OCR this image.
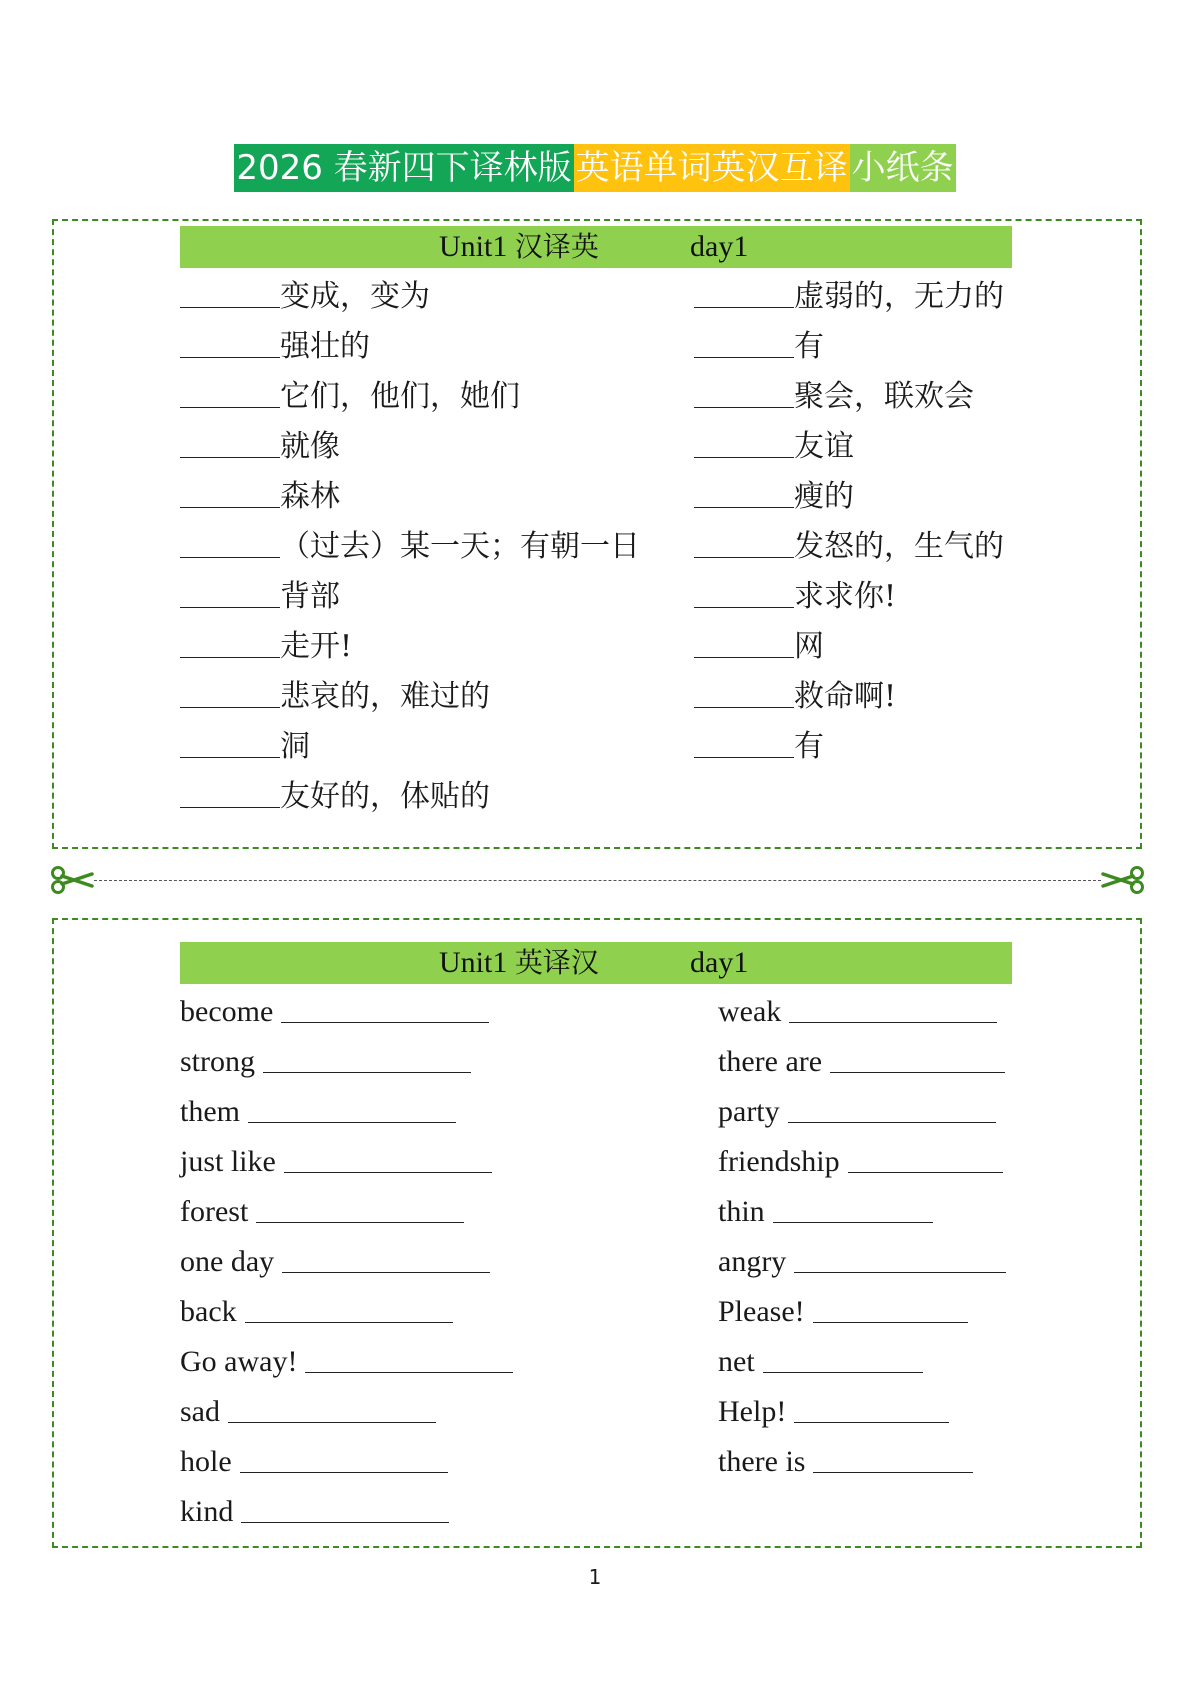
2026 春新四下译林版 英语单词英汉互译 小纸条
Unit1 汉译英	day1
变成，变为
强壮的
它们，他们，她们
就像
森林
（过去）某一天；有朝一日
背部
走开!
悲哀的，难过的
洞
友好的，体贴的
虚弱的，无力的
有
聚会，联欢会
友谊
瘦的
发怒的，生气的
求求你!
网
救命啊!
有
Unit1 英译汉	day1
become
strong
them
just like
forest
one day
back
Go away!
sad
hole
kind
weak
there are
party
friendship
thin
angry
Please!
net
Help!
there is
1
